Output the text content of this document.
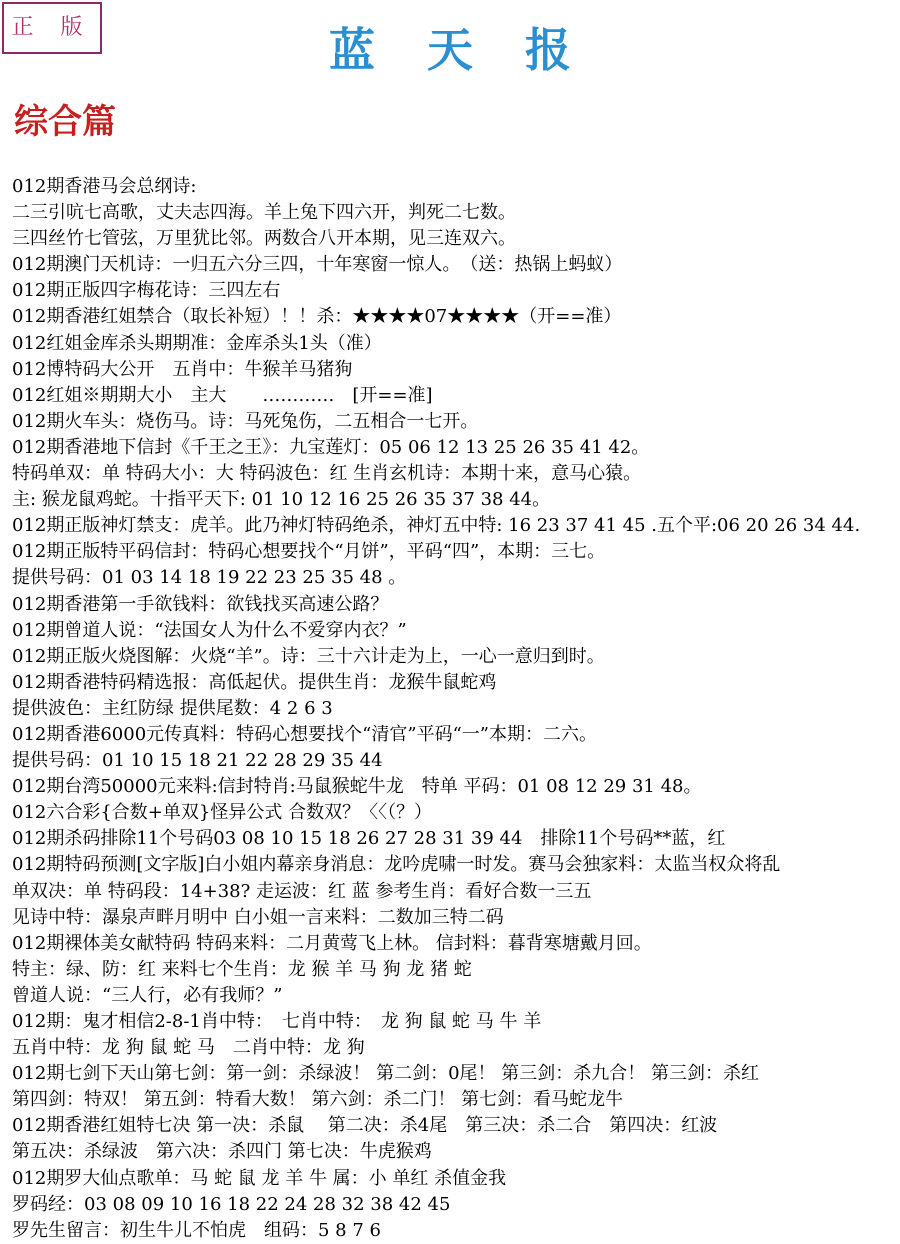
正 版	蓝天报
综合篇
012期香港马会总纲诗:
二三引吭七高歌，丈夫志四海。羊上兔下四六开，判死二七数。
三四丝竹七管弦，万里犹比邻。两数合八开本期，见三连双六。
012期澳门天机诗：一归五六分三四，十年寒窗一惊人。　（送：热锅上蚂蚁）
012期正版四字梅花诗：三四左右
012期香港红姐禁合（取长补短）！！杀：★★★★07★★★★（开==准）
012红姐金库杀头期期准：金库杀头1头（准）
012博特码大公开　五肖中：牛猴羊马猪狗
012红姐※期期大小　主大　　…………　[开==准]
012期火车头：烧伤马。诗：马死兔伤，二五相合一七开。
012期香港地下信封《千王之王》：九宝莲灯：05 06 12 13 25 26 35 41 42。
特码单双：单 特码大小：大 特码波色：红 生肖玄机诗：本期十来，意马心猿。
主: 猴龙鼠鸡蛇。十指平天下: 01 10 12 16 25 26 35 37 38 44。
012期正版神灯禁支：虎羊。此乃神灯特码绝杀，神灯五中特: 16 23 37 41 45 .五个平:06 20 26 34 44.
012期正版特平码信封：特码心想要找个“月饼”，平码“四”，本期：三七。
提供号码：01 03 14 18 19 22 23 25 35 48 。
012期香港第一手欲钱料：欲钱找买高速公路？
012期曾道人说：“法国女人为什么不爱穿内衣？”
012期正版火烧图解：火烧“羊”。诗：三十六计走为上，一心一意归到时。
012期香港特码精选报：高低起伏。提供生肖：龙猴牛鼠蛇鸡
提供波色：主红防绿 提供尾数：4 2 6 3
012期香港6000元传真料：特码心想要找个“清官”平码“一”本期：二六。
提供号码：01 10 15 18 21 22 28 29 35 44
012期台湾50000元来料:信封特肖:马鼠猴蛇牛龙　特单 平码：01 08 12 29 31 48。
012六合彩{合数+单双}怪异公式 合数双？〈〈（？）
012期杀码排除11个号码03 08 10 15 18 26 27 28 31 39 44　排除11个号码**蓝，红
012期特码预测[文字版]白小姐内幕亲身消息：龙吟虎啸一时发。赛马会独家料：太监当权众将乱
单双决：单 特码段：14+38? 走运波：红 蓝 参考生肖：看好合数一三五
见诗中特：瀑泉声畔月明中 白小姐一言来料：二数加三特二码
012期裸体美女献特码 特码来料：二月黄莺飞上林。 信封料：暮背寒塘戴月回。
特主：绿、防：红 来料七个生肖：龙 猴 羊 马 狗 龙 猪 蛇
曾道人说：“三人行，必有我师？”
012期：鬼才相信2-8-1肖中特：　七肖中特：　龙 狗 鼠 蛇 马 牛 羊
五肖中特：龙 狗 鼠 蛇 马　二肖中特：龙 狗
012期七剑下天山第七剑：第一剑：杀绿波！ 第二剑：0尾！ 第三剑：杀九合！ 第三剑：杀红
第四剑：特双！ 第五剑：特看大数！ 第六剑：杀二门！ 第七剑：看马蛇龙牛
012期香港红姐特七决 第一决：杀鼠　 第二决：杀4尾　第三决：杀二合　第四决：红波
第五决：杀绿波　第六决：杀四门 第七决：牛虎猴鸡
012期罗大仙点歌单：马 蛇 鼠 龙 羊 牛 属：小 单红 杀值金我
罗码经：03 08 09 10 16 18 22 24 28 32 38 42 45
罗先生留言：初生牛儿不怕虎　组码：5 8 7 6
